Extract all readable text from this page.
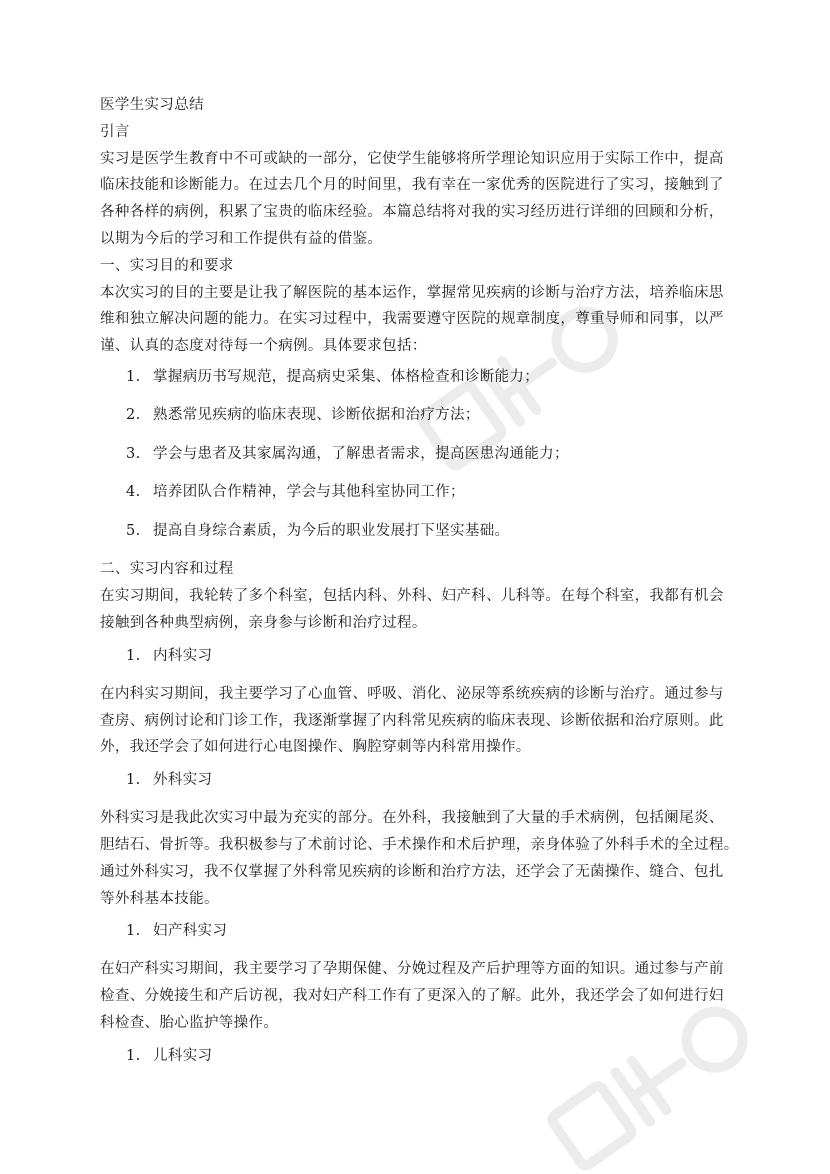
医学生实习总结
引言
实习是医学生教育中不可或缺的一部分，它使学生能够将所学理论知识应用于实际工作中，提高
临床技能和诊断能力。在过去几个月的时间里，我有幸在一家优秀的医院进行了实习，接触到了
各种各样的病例，积累了宝贵的临床经验。本篇总结将对我的实习经历进行详细的回顾和分析，
以期为今后的学习和工作提供有益的借鉴。
一、实习目的和要求
本次实习的目的主要是让我了解医院的基本运作，掌握常见疾病的诊断与治疗方法，培养临床思
维和独立解决问题的能力。在实习过程中，我需要遵守医院的规章制度，尊重导师和同事，以严
谨、认真的态度对待每一个病例。具体要求包括：
1. 掌握病历书写规范，提高病史采集、体格检查和诊断能力；
2. 熟悉常见疾病的临床表现、诊断依据和治疗方法；
3. 学会与患者及其家属沟通，了解患者需求，提高医患沟通能力；
4. 培养团队合作精神，学会与其他科室协同工作；
5. 提高自身综合素质，为今后的职业发展打下坚实基础。
二、实习内容和过程
在实习期间，我轮转了多个科室，包括内科、外科、妇产科、儿科等。在每个科室，我都有机会
接触到各种典型病例，亲身参与诊断和治疗过程。
1. 内科实习
在内科实习期间，我主要学习了心血管、呼吸、消化、泌尿等系统疾病的诊断与治疗。通过参与
查房、病例讨论和门诊工作，我逐渐掌握了内科常见疾病的临床表现、诊断依据和治疗原则。此
外，我还学会了如何进行心电图操作、胸腔穿刺等内科常用操作。
1. 外科实习
外科实习是我此次实习中最为充实的部分。在外科，我接触到了大量的手术病例，包括阑尾炎、
胆结石、骨折等。我积极参与了术前讨论、手术操作和术后护理，亲身体验了外科手术的全过程。
通过外科实习，我不仅掌握了外科常见疾病的诊断和治疗方法，还学会了无菌操作、缝合、包扎
等外科基本技能。
1. 妇产科实习
在妇产科实习期间，我主要学习了孕期保健、分娩过程及产后护理等方面的知识。通过参与产前
检查、分娩接生和产后访视，我对妇产科工作有了更深入的了解。此外，我还学会了如何进行妇
科检查、胎心监护等操作。
1. 儿科实习
